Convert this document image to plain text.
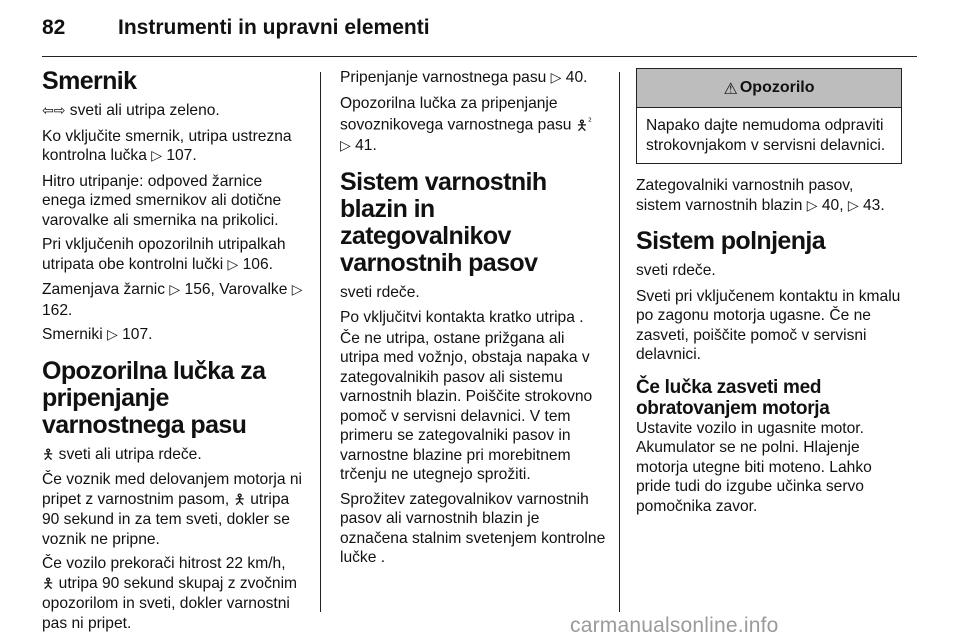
82	Instrumenti in upravni elementi
Smernik

⇦⇨ sveti ali utripa zeleno.

Ko vključite smernik, utripa ustrezna kontrolna lučka ▷ 107.

Hitro utripanje: odpoved žarnice enega izmed smernikov ali dotične varovalke ali smernika na prikolici.

Pri vključenih opozorilnih utripalkah utripata obe kontrolni lučki ▷ 106.

Zamenjava žarnic ▷ 156, Varovalke ▷ 162.

Smerniki ▷ 107.

Opozorilna lučka za pripenjanje varnostnega pasu

🯅 sveti ali utripa rdeče.

Če voznik med delovanjem motorja ni pripet z varnostnim pasom, 🯅 utripa 90 sekund in za tem sveti, dokler se voznik ne pripne.

Če vozilo prekorači hitrost 22 km/h,
🯅 utripa 90 sekund skupaj z zvočnim opozorilom in sveti, dokler varnostni pas ni pripet.

Pripenjanje varnostnega pasu ▷ 40.

Opozorilna lučka za pripenjanje sovoznikovega varnostnega pasu 🯅$^{^2}$
▷ 41.

Sistem varnostnih blazin in zategovalnikov varnostnih pasov

sveti rdeče.

Po vključitvi kontakta kratko utripa . Če ne utripa, ostane prižgana ali utripa med vožnjo, obstaja napaka v zategovalnikih pasov ali sistemu varnostnih blazin. Poiščite strokovno pomoč v servisni delavnici. V tem primeru se zategovalniki pasov in varnostne blazine pri morebitnem trčenju ne utegnejo sprožiti.

Sprožitev zategovalnikov varnostnih pasov ali varnostnih blazin je označena stalnim svetenjem kontrolne lučke .

⚠ Opozorilo
Napako dajte nemudoma odpraviti strokovnjakom v servisni delavnici.

Zategovalniki varnostnih pasov, sistem varnostnih blazin ▷ 40, ▷ 43.

Sistem polnjenja

sveti rdeče.

Sveti pri vključenem kontaktu in kmalu po zagonu motorja ugasne. Če ne zasveti, poiščite pomoč v servisni delavnici.

Če lučka zasveti med obratovanjem motorja

Ustavite vozilo in ugasnite motor. Akumulator se ne polni. Hlajenje motorja utegne biti moteno. Lahko pride tudi do izgube učinka servo pomočnika zavor.

carmanualsonline.info
